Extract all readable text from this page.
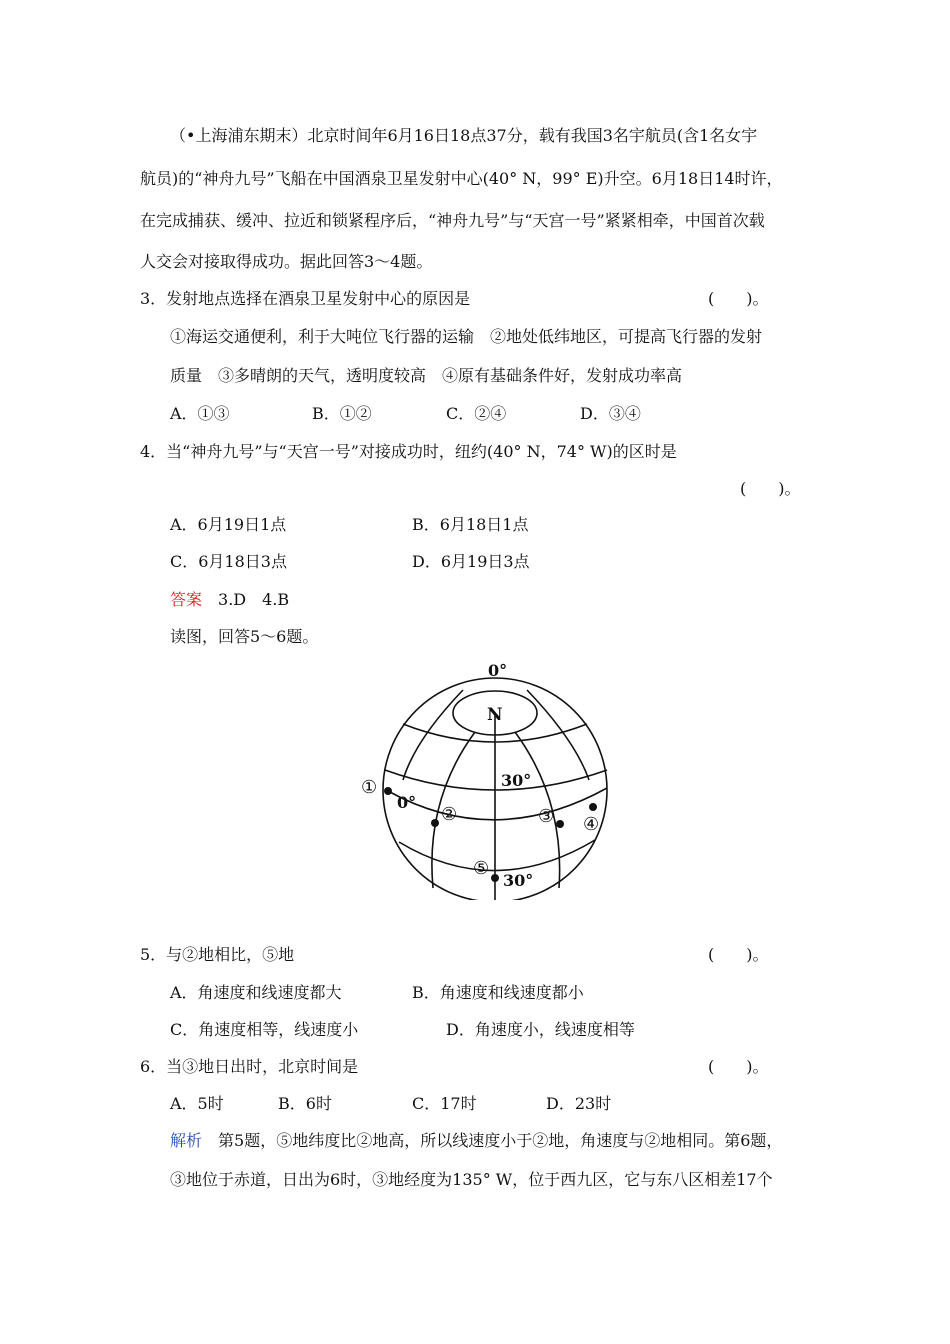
（•上海浦东期末）北京时间年6月16日18点37分，载有我国3名宇航员(含1名女宇
航员)的“神舟九号”飞船在中国酒泉卫星发射中心(40° N，99° E)升空。6月18日14时许，
在完成捕获、缓冲、拉近和锁紧程序后，“神舟九号”与“天宫一号”紧紧相牵，中国首次载
人交会对接取得成功。据此回答3～4题。
3．发射地点选择在酒泉卫星发射中心的原因是	(　　)。
①海运交通便利，利于大吨位飞行器的运输　②地处低纬地区，可提高飞行器的发射
质量　③多晴朗的天气，透明度较高　④原有基础条件好，发射成功率高
A．①③	B．①②	C．②④	D．③④
4．当“神舟九号”与“天宫一号”对接成功时，纽约(40° N，74° W)的区时是
(　　)。
A．6月19日1点	B．6月18日1点
C．6月18日3点	D．6月19日3点
答案　 3.D　4.B
读图，回答5～6题。
0°
N
30°
0°
30°
①
②	③ ④
⑤
5．与②地相比，⑤地	(　　)。
A．角速度和线速度都大	B．角速度和线速度都小
C．角速度相等，线速度小	D．角速度小，线速度相等
6．当③地日出时，北京时间是	(　　)。
A．5时	B．6时	C．17时	D．23时
解析　第5题，⑤地纬度比②地高，所以线速度小于②地，角速度与②地相同。第6题，
③地位于赤道，日出为6时，③地经度为135° W，位于西九区，它与东八区相差17个
